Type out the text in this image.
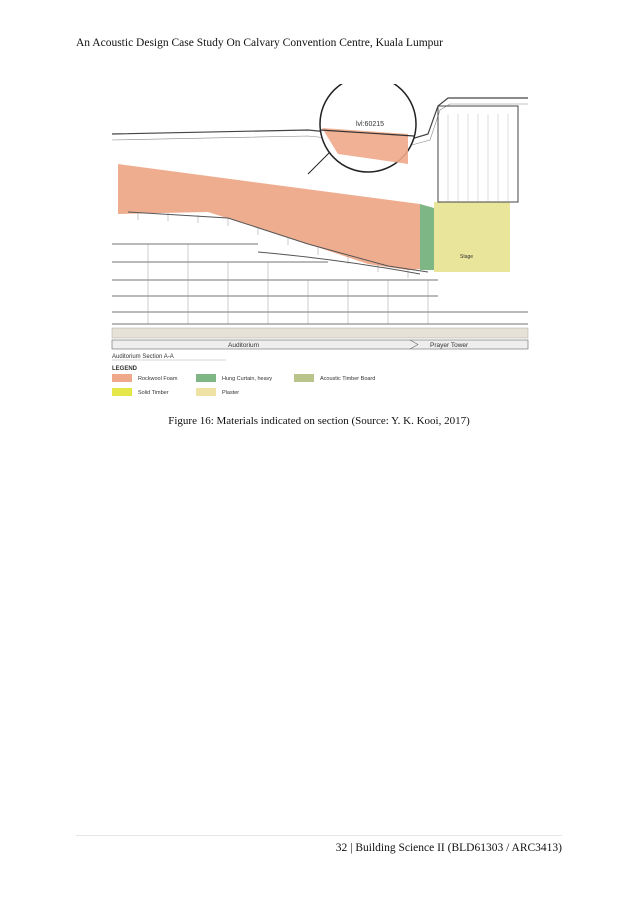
An Acoustic Design Case Study On Calvary Convention Centre, Kuala Lumpur
Stage
lvl:60215
Auditorium	Prayer Tower
Auditorium Section A-A
LEGEND
Rockwool Foam	Hung Curtain, heavy	Acoustic Timber Board
Solid Timber	Plaster
Figure 16: Materials indicated on section (Source: Y. K. Kooi, 2017)
32 | Building Science II (BLD61303 / ARC3413)
